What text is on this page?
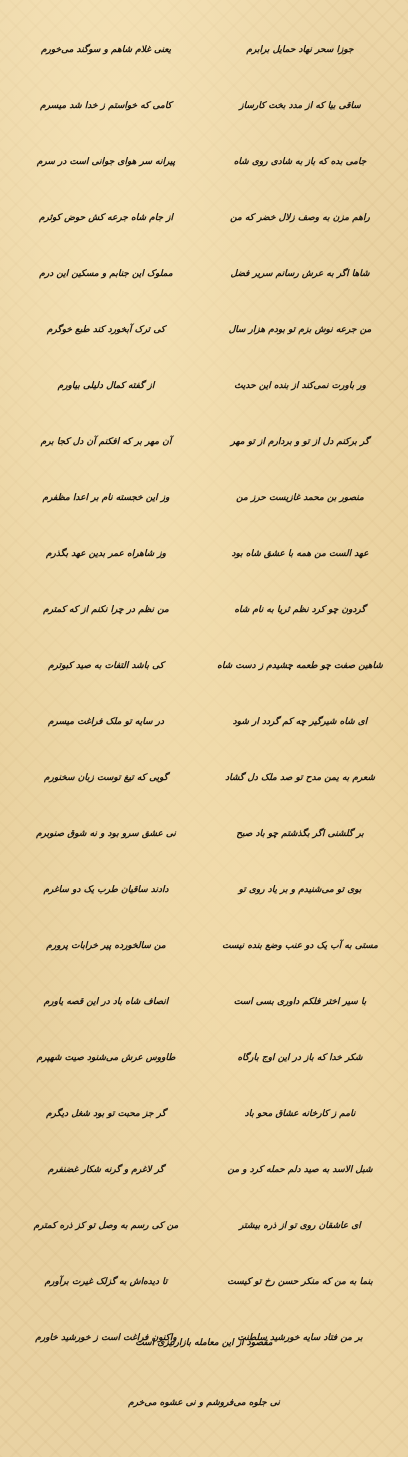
جوزا سحر نهاد حمایل برابرم
یعنی غلام شاهم و سوگند می‌خورم
ساقی بیا که از مدد بخت کارساز
کامی که خواستم ز خدا شد میسرم
جامی بده که باز به شادی روی شاه
پیرانه سر هوای جوانی است در سرم
راهم مزن به وصف زلال خضر که من
از جام شاه جرعه کش حوض کوثرم
شاها اگر به عرش رسانم سریر فضل
مملوک این جنابم و مسکین این درم
من جرعه نوش بزم تو بودم هزار سال
کی ترک آبخورد کند طبع خوگرم
ور باورت نمی‌کند از بنده این حدیث
از گفته کمال دلیلی بیاورم
گر برکنم دل از تو و بردارم از تو مهر
آن مهر بر که افکنم آن دل کجا برم
منصور بن محمد غازیست حرز من
وز این خجسته نام بر اعدا مظفرم
عهد الست من همه با عشق شاه بود
وز شاهراه عمر بدین عهد بگذرم
گردون چو کرد نظم ثریا به نام شاه
من نظم در چرا نکنم از که کمترم
شاهین صفت چو طعمه چشیدم ز دست شاه
کی باشد التفات به صید کبوترم
ای شاه شیرگیر چه کم گردد ار شود
در سایه تو ملک فراغت میسرم
شعرم به یمن مدح تو صد ملک دل گشاد
گویی که تیغ توست زبان سخنورم
بر گلشنی اگر بگذشتم چو باد صبح
نی عشق سرو بود و نه شوق صنوبرم
بوی تو می‌شنیدم و بر یاد روی تو
دادند ساقیان طرب یک دو ساغرم
مستی به آب یک دو عنب وضع بنده نیست
من سالخورده پیر خرابات پرورم
با سیر اختر فلکم داوری بسی است
انصاف شاه باد در این قصه یاورم
شکر خدا که باز در این اوج بارگاه
طاووس عرش می‌شنود صیت شهپرم
نامم ز کارخانه عشاق محو باد
گر جز محبت تو بود شغل دیگرم
شبل الاسد به صید دلم حمله کرد و من
گر لاغرم و گرنه شکار غضنفرم
ای عاشقان روی تو از ذره بیشتر
من کی رسم به وصل تو کز ذره کمترم
بنما به من که منکر حسن رخ تو کیست
تا دیده‌اش به گزلک غیرت برآورم
بر من فتاد سایه خورشید سلطنت
واکنون فراغت است ز خورشید خاورم
مقصود از این معامله بازارتیزی است
نی جلوه می‌فروشم و نی عشوه می‌خرم
